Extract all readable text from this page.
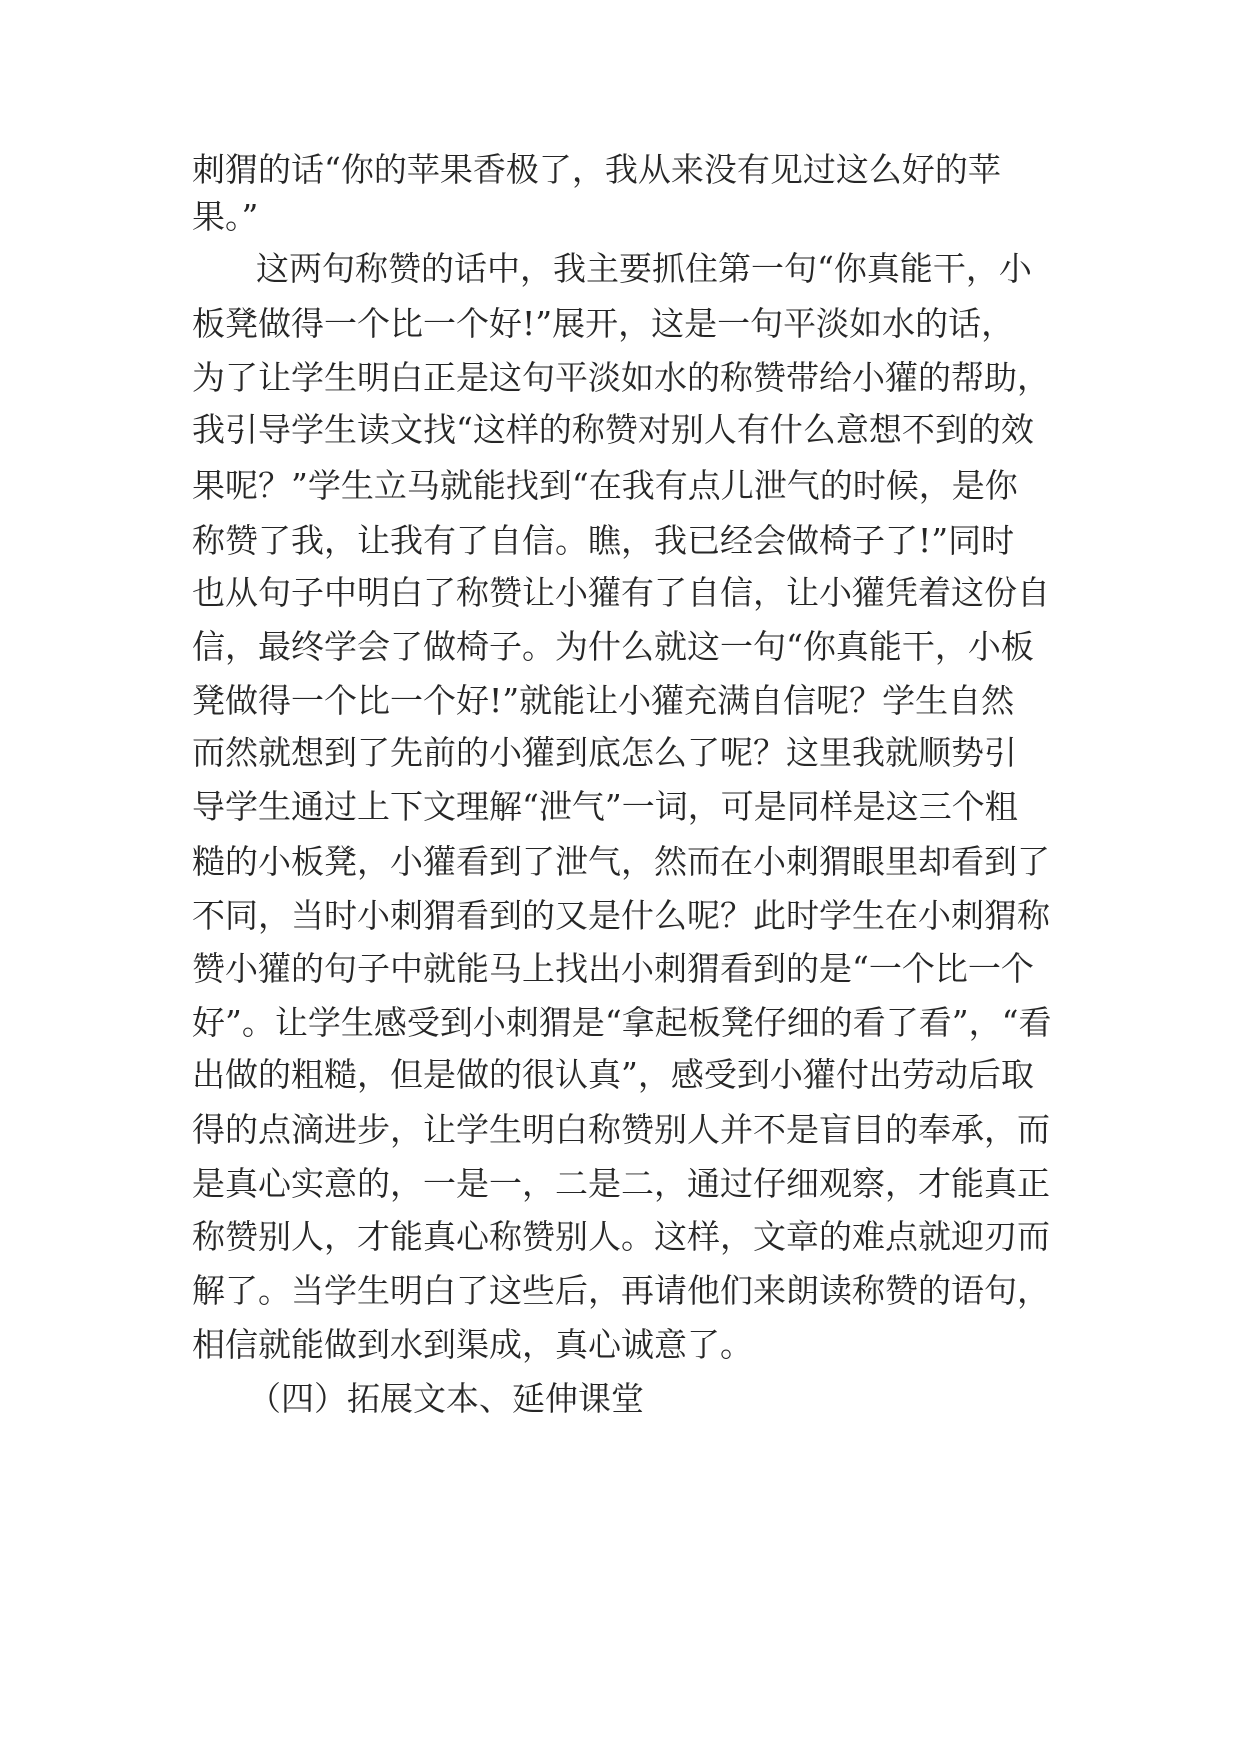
刺猬的话“你的苹果香极了，我从来没有见过这么好的苹
果。”
这两句称赞的话中，我主要抓住第一句“你真能干，小
板凳做得一个比一个好!”展开，这是一句平淡如水的话，
为了让学生明白正是这句平淡如水的称赞带给小獾的帮助，
我引导学生读文找“这样的称赞对别人有什么意想不到的效
果呢？”学生立马就能找到“在我有点儿泄气的时候，是你
称赞了我，让我有了自信。瞧，我已经会做椅子了!”同时
也从句子中明白了称赞让小獾有了自信，让小獾凭着这份自
信，最终学会了做椅子。为什么就这一句“你真能干，小板
凳做得一个比一个好!”就能让小獾充满自信呢？学生自然
而然就想到了先前的小獾到底怎么了呢？这里我就顺势引
导学生通过上下文理解“泄气”一词，可是同样是这三个粗
糙的小板凳，小獾看到了泄气，然而在小刺猬眼里却看到了
不同，当时小刺猬看到的又是什么呢？此时学生在小刺猬称
赞小獾的句子中就能马上找出小刺猬看到的是“一个比一个
好”。让学生感受到小刺猬是“拿起板凳仔细的看了看”，“看
出做的粗糙，但是做的很认真”，感受到小獾付出劳动后取
得的点滴进步，让学生明白称赞别人并不是盲目的奉承，而
是真心实意的，一是一，二是二，通过仔细观察，才能真正
称赞别人，才能真心称赞别人。这样，文章的难点就迎刃而
解了。当学生明白了这些后，再请他们来朗读称赞的语句，
相信就能做到水到渠成，真心诚意了。
（四）拓展文本、延伸课堂
